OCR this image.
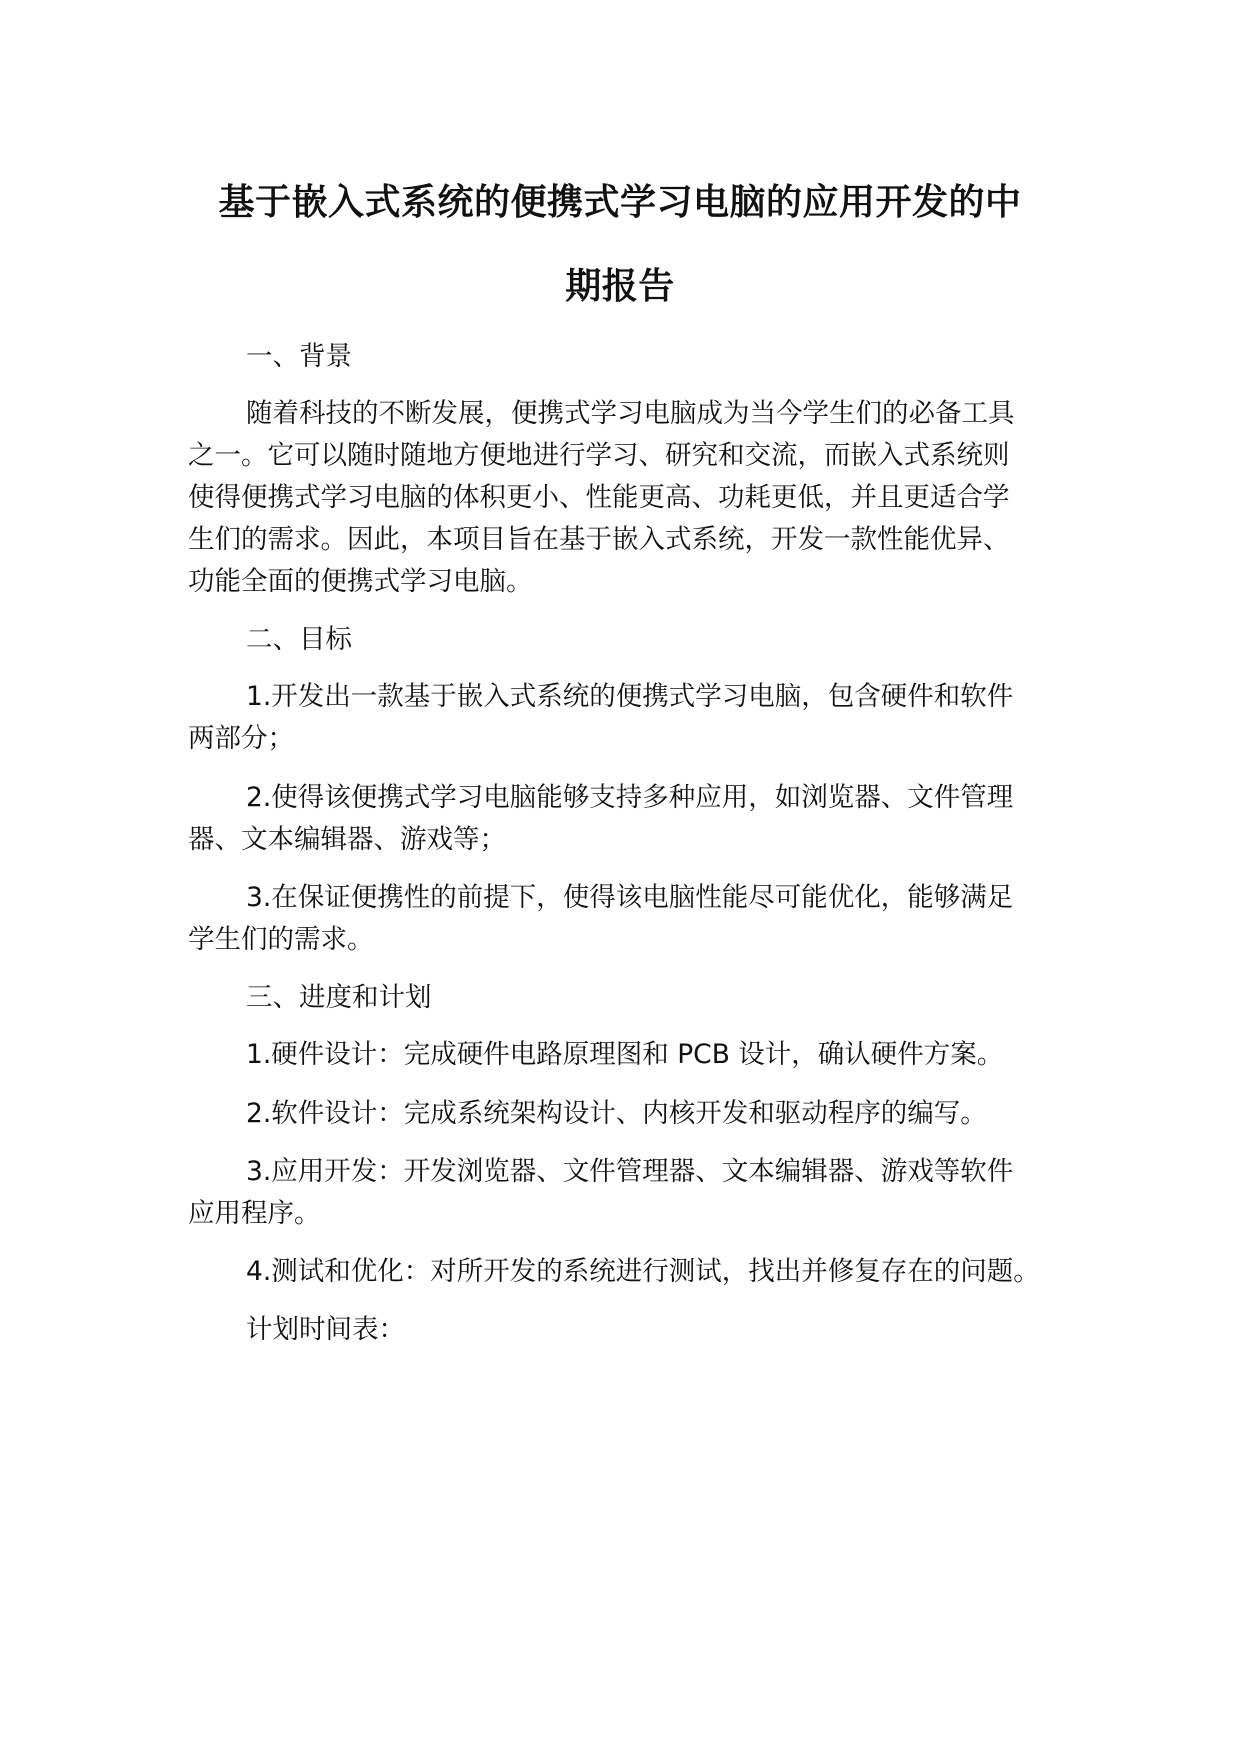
基于嵌入式系统的便携式学习电脑的应用开发的中
期报告
一、背景
随着科技的不断发展，便携式学习电脑成为当今学生们的必备工具
之一。它可以随时随地方便地进行学习、研究和交流，而嵌入式系统则
使得便携式学习电脑的体积更小、性能更高、功耗更低，并且更适合学
生们的需求。因此，本项目旨在基于嵌入式系统，开发一款性能优异、
功能全面的便携式学习电脑。
二、目标
1.开发出一款基于嵌入式系统的便携式学习电脑，包含硬件和软件
两部分；
2.使得该便携式学习电脑能够支持多种应用，如浏览器、文件管理
器、文本编辑器、游戏等；
3.在保证便携性的前提下，使得该电脑性能尽可能优化，能够满足
学生们的需求。
三、进度和计划
1.硬件设计：完成硬件电路原理图和 PCB 设计，确认硬件方案。
2.软件设计：完成系统架构设计、内核开发和驱动程序的编写。
3.应用开发：开发浏览器、文件管理器、文本编辑器、游戏等软件
应用程序。
4.测试和优化：对所开发的系统进行测试，找出并修复存在的问题。
计划时间表：
